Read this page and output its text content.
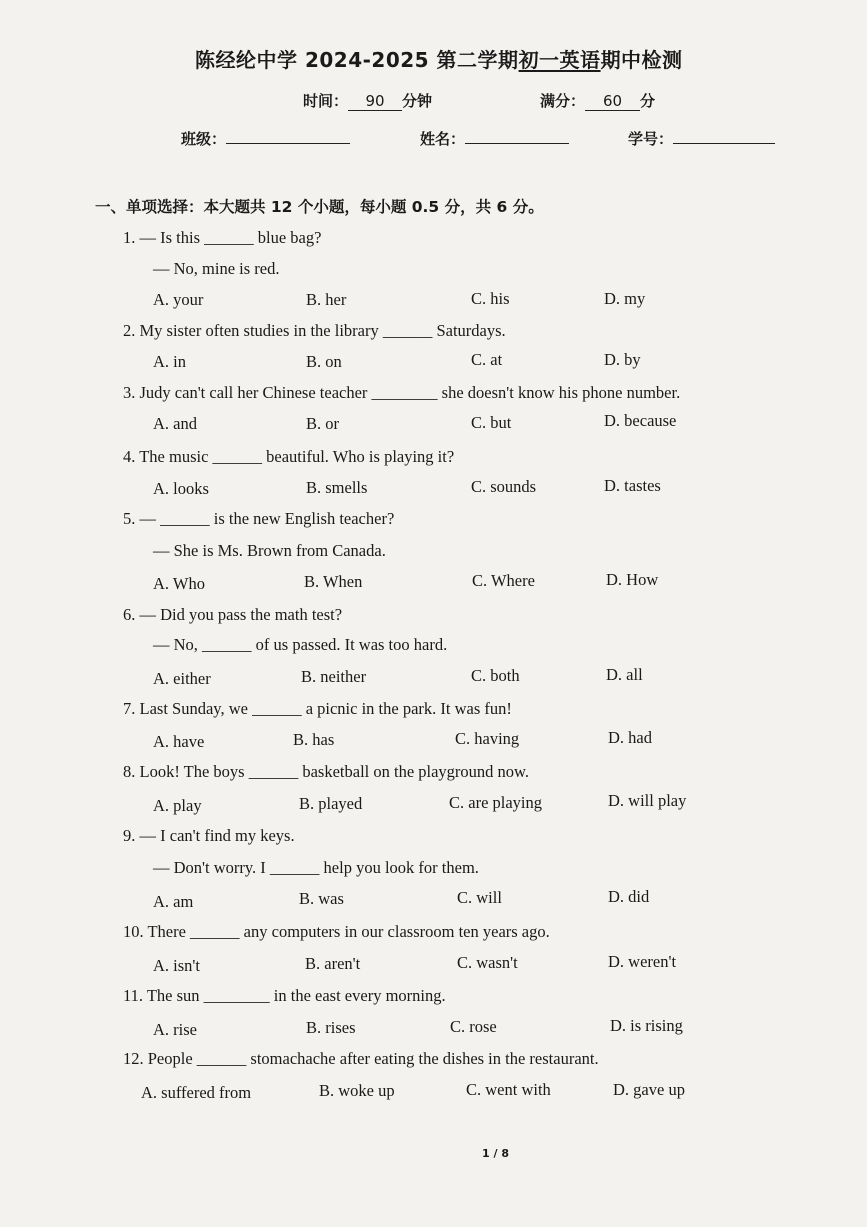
陈经纶中学 2024-2025 第二学期初一英语期中检测
时间： 90 分钟	满分： 60 分
班级：	姓名：	学号：
一、单项选择：本大题共 12 个小题，每小题 0.5 分，共 6 分。
1. — Is this ______ blue bag?
— No, mine is red.
A. your	B. her	C. his	D. my
2. My sister often studies in the library ______ Saturdays.
A. in	B. on	C. at	D. by
3. Judy can't call her Chinese teacher ________ she doesn't know his phone number.
A. and	B. or	C. but	D. because
4. The music ______ beautiful. Who is playing it?
A. looks	B. smells	C. sounds	D. tastes
5. — ______ is the new English teacher?
— She is Ms. Brown from Canada.
A. Who	B. When	C. Where	D. How
6. — Did you pass the math test?
— No, ______ of us passed. It was too hard.
A. either	B. neither	C. both	D. all
7. Last Sunday, we ______ a picnic in the park. It was fun!
A. have	B. has	C. having	D. had
8. Look! The boys ______ basketball on the playground now.
A. play	B. played	C. are playing	D. will play
9. — I can't find my keys.
— Don't worry. I ______ help you look for them.
A. am	B. was	C. will	D. did
10. There ______ any computers in our classroom ten years ago.
A. isn't	B. aren't	C. wasn't	D. weren't
11. The sun ________ in the east every morning.
A. rise	B. rises	C. rose	D. is rising
12. People ______ stomachache after eating the dishes in the restaurant.
A. suffered from	B. woke up	C. went with	D. gave up
1 / 8
